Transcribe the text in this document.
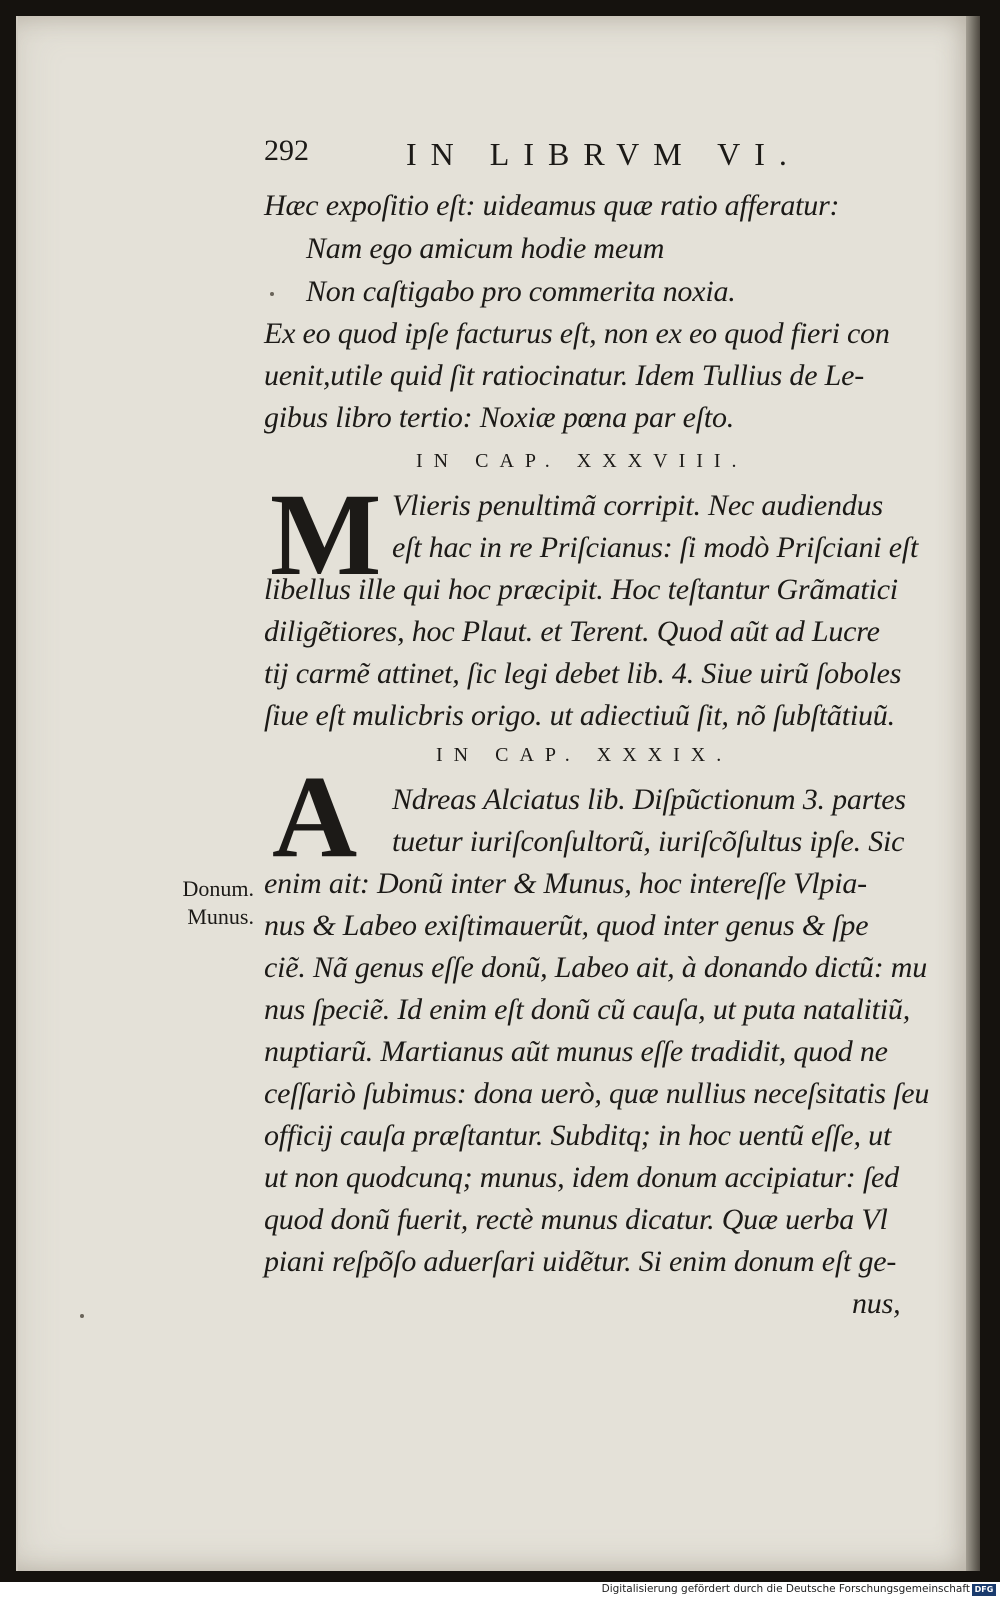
292	IN LIBRVM VI.
Hæc expoſitio eſt: uideamus quæ ratio afferatur:
Nam ego amicum hodie meum
Non caſtigabo pro commerita noxia.
Ex eo quod ipſe facturus eſt, non ex eo quod fieri con
uenit,utile quid ſit ratiocinatur. Idem Tullius de Le-
gibus libro tertio: Noxiæ pœna par eſto.
IN CAP. XXXVIII.
M Vlieris penultimã corripit. Nec audiendus
eſt hac in re Priſcianus: ſi modò Priſciani eſt
libellus ille qui hoc præcipit. Hoc teſtantur Grãmatici
diligẽtiores, hoc Plaut. et Terent. Quod aũt ad Lucre
tij carmẽ attinet, ſic legi debet lib. 4. Siue uirũ ſoboles
ſiue eſt mulicbris origo. ut adiectiuũ ſit, nõ ſubſtãtiuũ.
IN CAP. XXXIX.
A Ndreas Alciatus lib. Diſpũctionum 3. partes
tuetur iuriſconſultorũ, iuriſcõſultus ipſe. Sic
enim ait: Donũ inter & Munus, hoc intereſſe Vlpia-
nus & Labeo exiſtimauerũt, quod inter genus & ſpe
ciẽ. Nã genus eſſe donũ, Labeo ait, à donando dictũ: mu
nus ſpeciẽ. Id enim eſt donũ cũ cauſa, ut puta natalitiũ,
nuptiarũ. Martianus aũt munus eſſe tradidit, quod ne
ceſſariò ſubimus: dona uerò, quæ nullius neceſsitatis ſeu
officij cauſa præſtantur. Subditq; in hoc uentũ eſſe, ut
ut non quodcunq; munus, idem donum accipiatur: ſed
quod donũ fuerit, rectè munus dicatur. Quæ uerba Vl
piani reſpõſo aduerſari uidẽtur. Si enim donum eſt ge-
nus,
Donum.
Munus.
Digitalisierung gefördert durch die Deutsche Forschungsgemeinschaft DFG
